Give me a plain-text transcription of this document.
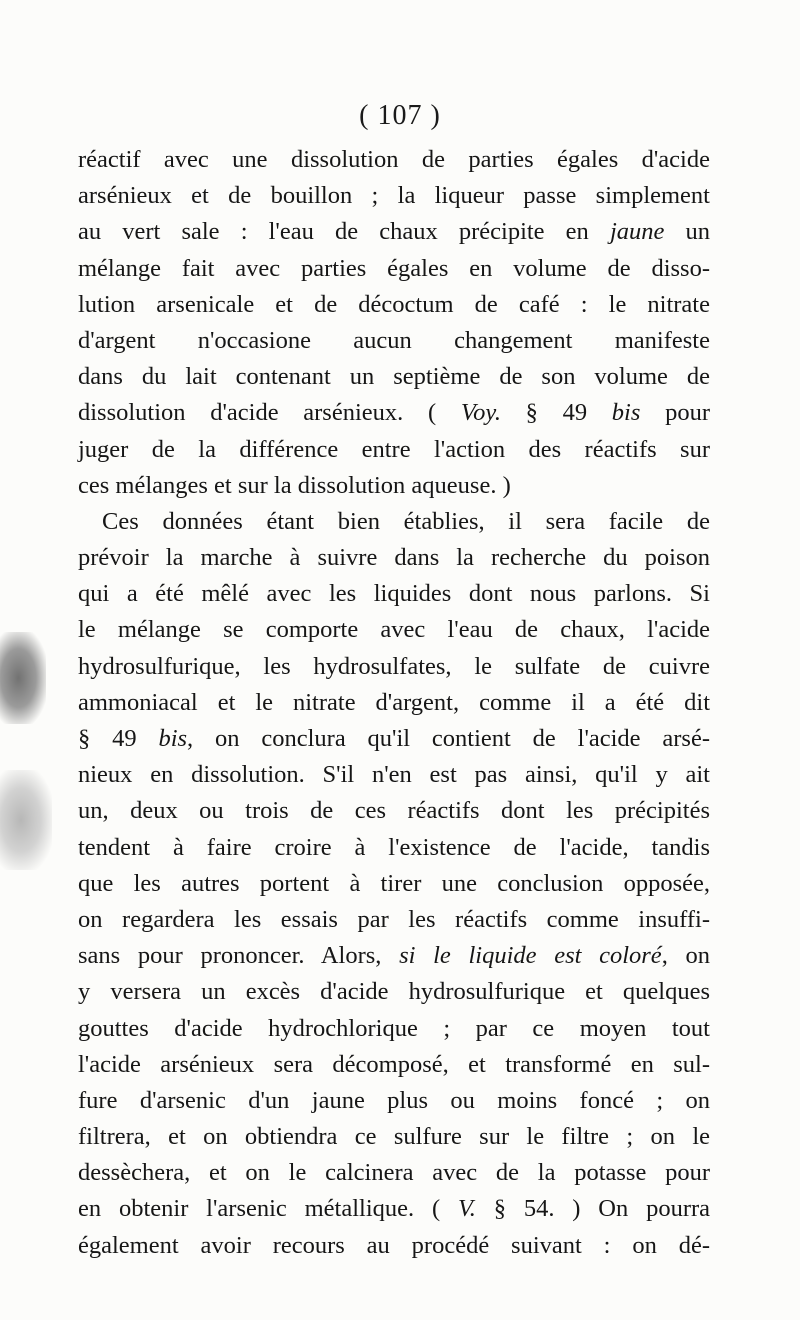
( 107 )
réactif avec une dissolution de parties égales d'acide
arsénieux et de bouillon ; la liqueur passe simplement
au vert sale : l'eau de chaux précipite en jaune un
mélange fait avec parties égales en volume de disso-
lution arsenicale et de décoctum de café : le nitrate
d'argent n'occasione aucun changement manifeste
dans du lait contenant un septième de son volume de
dissolution d'acide arsénieux. ( Voy. § 49 bis pour
juger de la différence entre l'action des réactifs sur
ces mélanges et sur la dissolution aqueuse. )
Ces données étant bien établies, il sera facile de
prévoir la marche à suivre dans la recherche du poison
qui a été mêlé avec les liquides dont nous parlons. Si
le mélange se comporte avec l'eau de chaux, l'acide
hydrosulfurique, les hydrosulfates, le sulfate de cuivre
ammoniacal et le nitrate d'argent, comme il a été dit
§ 49 bis, on conclura qu'il contient de l'acide arsé-
nieux en dissolution. S'il n'en est pas ainsi, qu'il y ait
un, deux ou trois de ces réactifs dont les précipités
tendent à faire croire à l'existence de l'acide, tandis
que les autres portent à tirer une conclusion opposée,
on regardera les essais par les réactifs comme insuffi-
sans pour prononcer. Alors, si le liquide est coloré, on
y versera un excès d'acide hydrosulfurique et quelques
gouttes d'acide hydrochlorique ; par ce moyen tout
l'acide arsénieux sera décomposé, et transformé en sul-
fure d'arsenic d'un jaune plus ou moins foncé ; on
filtrera, et on obtiendra ce sulfure sur le filtre ; on le
dessèchera, et on le calcinera avec de la potasse pour
en obtenir l'arsenic métallique. ( V. § 54. ) On pourra
également avoir recours au procédé suivant : on dé-
